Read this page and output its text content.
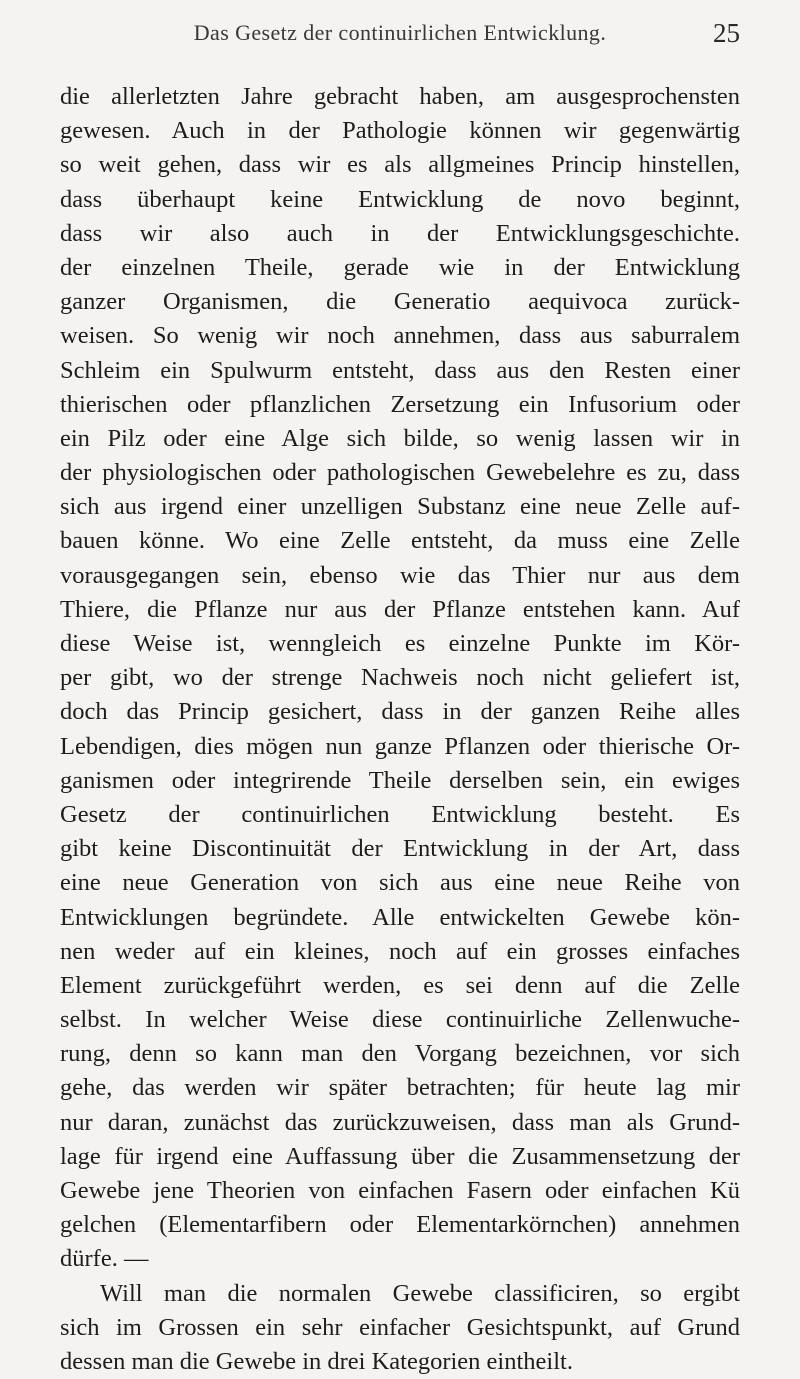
Das Gesetz der continuirlichen Entwicklung.	25
die allerletzten Jahre gebracht haben, am ausgesprochensten
gewesen. Auch in der Pathologie können wir gegenwärtig
so weit gehen, dass wir es als allgmeines Princip hinstellen,
dass überhaupt keine Entwicklung de novo beginnt,
dass wir also auch in der Entwicklungsgeschichte.
der einzelnen Theile, gerade wie in der Entwicklung
ganzer Organismen, die Generatio aequivoca zurück-
weisen. So wenig wir noch annehmen, dass aus saburralem
Schleim ein Spulwurm entsteht, dass aus den Resten einer
thierischen oder pflanzlichen Zersetzung ein Infusorium oder
ein Pilz oder eine Alge sich bilde, so wenig lassen wir in
der physiologischen oder pathologischen Gewebelehre es zu, dass
sich aus irgend einer unzelligen Substanz eine neue Zelle auf-
bauen könne. Wo eine Zelle entsteht, da muss eine Zelle
vorausgegangen sein, ebenso wie das Thier nur aus dem
Thiere, die Pflanze nur aus der Pflanze entstehen kann. Auf
diese Weise ist, wenngleich es einzelne Punkte im Kör-
per gibt, wo der strenge Nachweis noch nicht geliefert ist,
doch das Princip gesichert, dass in der ganzen Reihe alles
Lebendigen, dies mögen nun ganze Pflanzen oder thierische Or-
ganismen oder integrirende Theile derselben sein, ein ewiges
Gesetz der continuirlichen Entwicklung besteht. Es
gibt keine Discontinuität der Entwicklung in der Art, dass
eine neue Generation von sich aus eine neue Reihe von
Entwicklungen begründete. Alle entwickelten Gewebe kön-
nen weder auf ein kleines, noch auf ein grosses einfaches
Element zurückgeführt werden, es sei denn auf die Zelle
selbst. In welcher Weise diese continuirliche Zellenwuche-
rung, denn so kann man den Vorgang bezeichnen, vor sich
gehe, das werden wir später betrachten; für heute lag mir
nur daran, zunächst das zurückzuweisen, dass man als Grund-
lage für irgend eine Auffassung über die Zusammensetzung der
Gewebe jene Theorien von einfachen Fasern oder einfachen Kü
gelchen (Elementarfibern oder Elementarkörnchen) annehmen
dürfe. —
Will man die normalen Gewebe classificiren, so ergibt
sich im Grossen ein sehr einfacher Gesichtspunkt, auf Grund
dessen man die Gewebe in drei Kategorien eintheilt.
